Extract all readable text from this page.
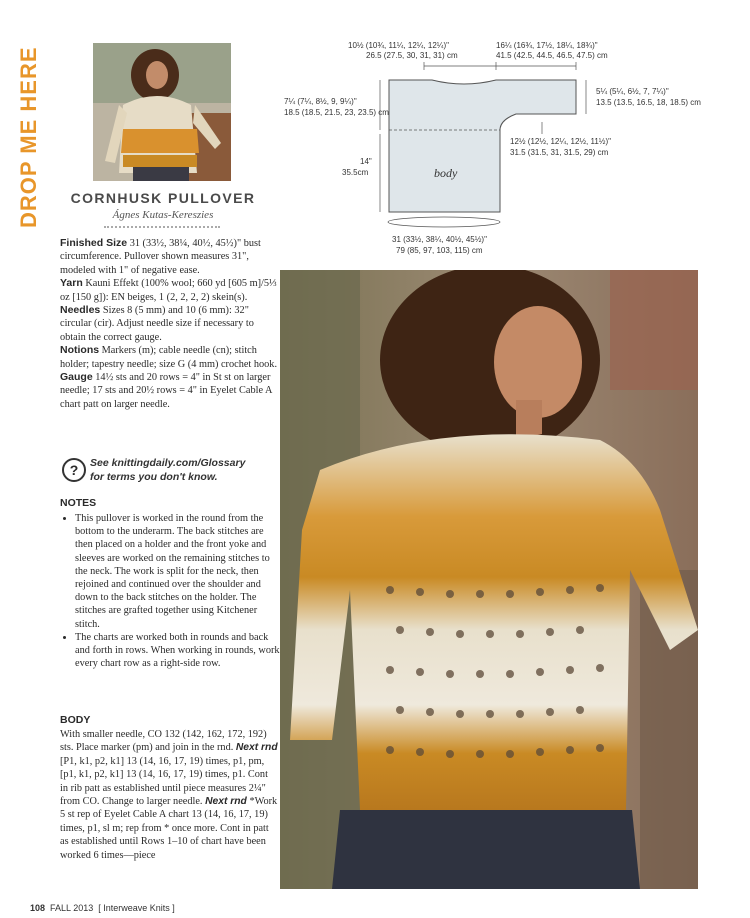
DROP ME HERE	CORNHUSK PULLOVER
Ágnes Kutas-Kereszies

Finished Size 31 (33½, 38¼, 40½, 45½)" bust circumference. Pullover shown measures 31", modeled with 1" of negative ease.

Yarn Kauni Effekt (100% wool; 660 yd [605 m]/5⅓ oz [150 g]): EN beiges, 1 (2, 2, 2, 2) skein(s).

Needles Sizes 8 (5 mm) and 10 (6 mm): 32" circular (cir). Adjust needle size if necessary to obtain the correct gauge.

Notions Markers (m); cable needle (cn); stitch holder; tapestry needle; size G (4 mm) crochet hook.

Gauge 14½ sts and 20 rows = 4" in St st on larger needle; 17 sts and 20½ rows = 4" in Eyelet Cable A chart patt on larger needle.

?	See knittingdaily.com/Glossary
for terms you don't know.
NOTES
• This pullover is worked in the round from the bottom to the underarm. The back stitches are then placed on a holder and the front yoke and sleeves are worked on the remaining stitches to the neck. The work is split for the neck, then rejoined and continued over the shoulder and down to the back stitches on the holder. The stitches are grafted together using Kitchener stitch.
• The charts are worked both in rounds and back and forth in rows. When working in rounds, work every chart row as a right-side row.
BODY
With smaller needle, CO 132 (142, 162, 172, 192) sts. Place marker (pm) and join in the rnd. Next rnd [P1, k1, p2, k1] 13 (14, 16, 17, 19) times, p1, pm, [p1, k1, p2, k1] 13 (14, 16, 17, 19) times, p1. Cont in rib patt as established until piece measures 2¼" from CO. Change to larger needle. Next rnd *Work 5 st rep of Eyelet Cable A chart 13 (14, 16, 17, 19) times, p1, sl m; rep from * once more. Cont in patt as established until Rows 1–10 of chart have been worked 6 times—piece
body
10½ (10¾, 11¼, 12¼, 12¼)"
26.5 (27.5, 30, 31, 31) cm
16¼ (16¾, 17½, 18¼, 18¾)"
41.5 (42.5, 44.5, 46.5, 47.5) cm
7¼ (7¼, 8½, 9, 9¼)"
18.5 (18.5, 21.5, 23, 23.5) cm
5¼ (5¼, 6½, 7, 7¼)"
13.5 (13.5, 16.5, 18, 18.5) cm
12½ (12½, 12¼, 12½, 11½)"
31.5 (31.5, 31, 31.5, 29) cm
14"
35.5cm
31 (33½, 38¼, 40½, 45½)"
79 (85, 97, 103, 115) cm
108 FALL 2013 [ Interweave Knits ]
